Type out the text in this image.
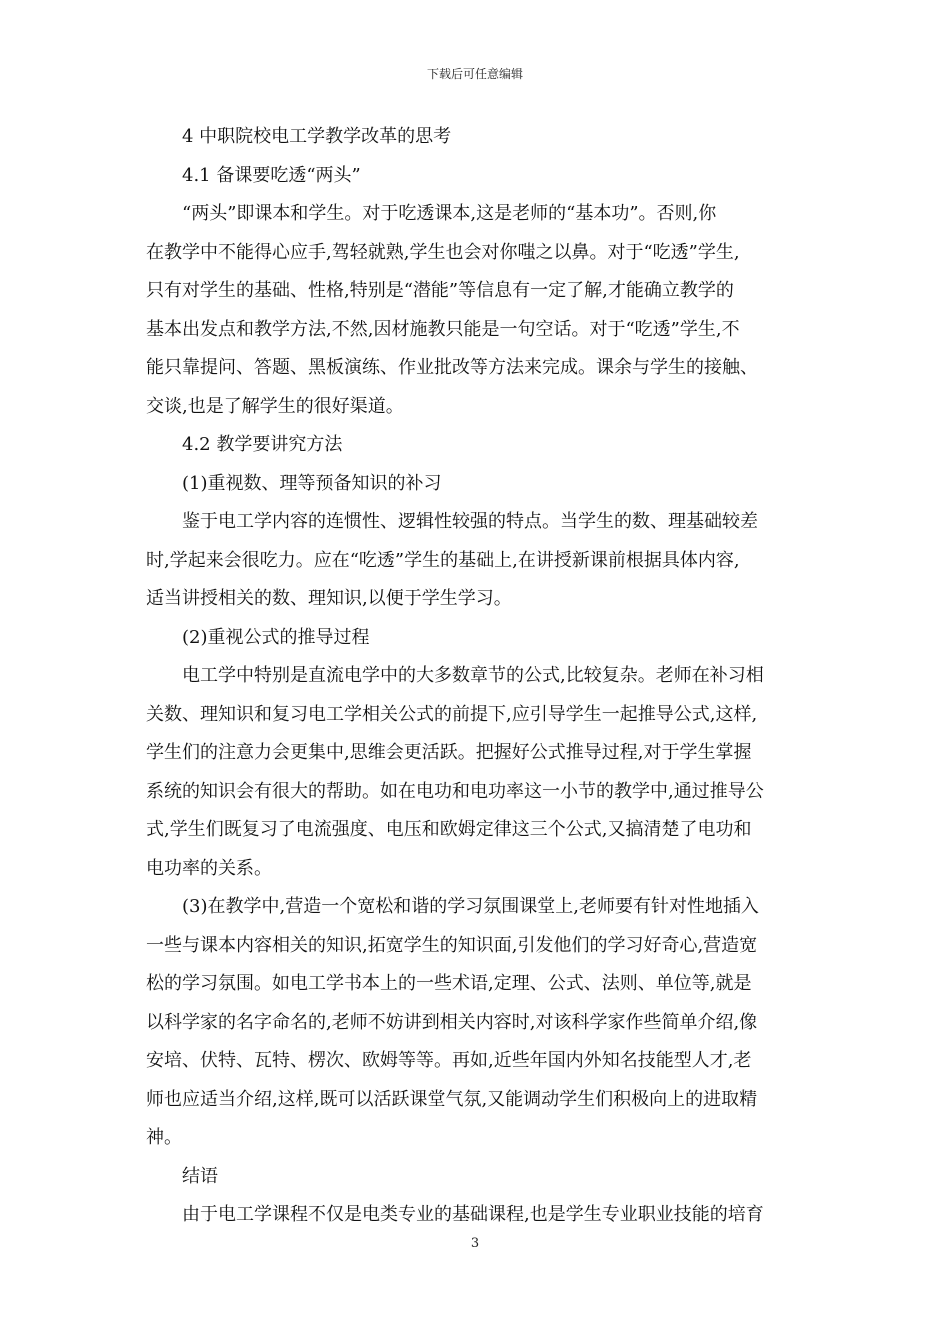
下载后可任意编辑
4 中职院校电工学教学改革的思考
4.1 备课要吃透“两头”
“两头”即课本和学生。对于吃透课本,这是老师的“基本功”。否则,你
在教学中不能得心应手,驾轻就熟,学生也会对你嗤之以鼻。对于“吃透”学生,
只有对学生的基础、性格,特别是“潜能”等信息有一定了解,才能确立教学的
基本出发点和教学方法,不然,因材施教只能是一句空话。对于“吃透”学生,不
能只靠提问、答题、黑板演练、作业批改等方法来完成。课余与学生的接触、
交谈,也是了解学生的很好渠道。
4.2 教学要讲究方法
(1)重视数、理等预备知识的补习
鉴于电工学内容的连惯性、逻辑性较强的特点。当学生的数、理基础较差
时,学起来会很吃力。应在“吃透”学生的基础上,在讲授新课前根据具体内容,
适当讲授相关的数、理知识,以便于学生学习。
(2)重视公式的推导过程
电工学中特别是直流电学中的大多数章节的公式,比较复杂。老师在补习相
关数、理知识和复习电工学相关公式的前提下,应引导学生一起推导公式,这样,
学生们的注意力会更集中,思维会更活跃。把握好公式推导过程,对于学生掌握
系统的知识会有很大的帮助。如在电功和电功率这一小节的教学中,通过推导公
式,学生们既复习了电流强度、电压和欧姆定律这三个公式,又搞清楚了电功和
电功率的关系。
(3)在教学中,营造一个宽松和谐的学习氛围课堂上,老师要有针对性地插入
一些与课本内容相关的知识,拓宽学生的知识面,引发他们的学习好奇心,营造宽
松的学习氛围。如电工学书本上的一些术语,定理、公式、法则、单位等,就是
以科学家的名字命名的,老师不妨讲到相关内容时,对该科学家作些简单介绍,像
安培、伏特、瓦特、楞次、欧姆等等。再如,近些年国内外知名技能型人才,老
师也应适当介绍,这样,既可以活跃课堂气氛,又能调动学生们积极向上的进取精
神。
结语
由于电工学课程不仅是电类专业的基础课程,也是学生专业职业技能的培育
3
